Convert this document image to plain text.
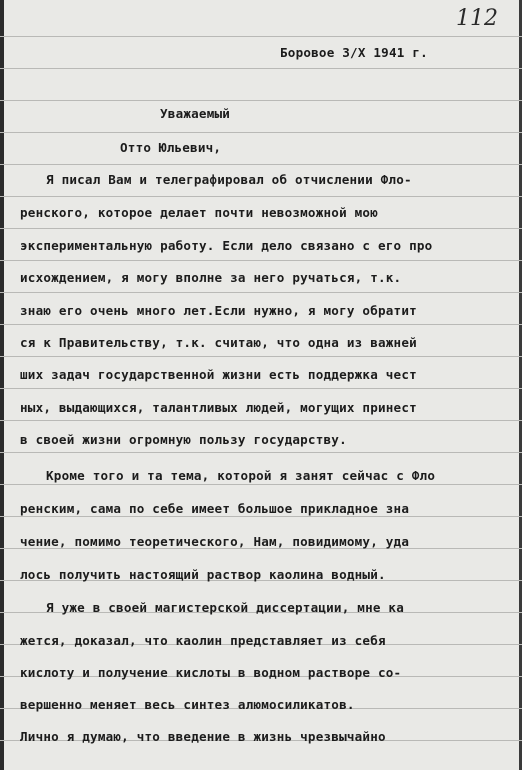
112
Боровое 3/X 1941 г.
Уважаемый
Отто Юльевич,
Я писал Вам и телеграфировал об отчислении Фло-
ренского, которое делает почти невозможной мою
экспериментальную работу. Если дело связано с его про
исхождением, я могу вполне за него ручаться, т.к.
знаю его очень много лет.Если нужно, я могу обратит
ся к Правительству, т.к. считаю, что одна из важней
ших задач государственной жизни есть поддержка чест
ных, выдающихся, талантливых людей, могущих принест
в своей жизни огромную пользу государству.
Кроме того и та тема, которой я занят сейчас с Фло
ренским, сама по себе имеет большое прикладное зна
чение, помимо теоретического, Нам, повидимому, уда
лось получить настоящий раствор каолина водный.
Я уже в своей магистерской диссертации, мне ка
жется, доказал, что каолин представляет из себя
кислоту и получение кислоты в водном растворе со-
вершенно меняет весь синтез алюмосиликатов.
Лично я думаю, что введение в жизнь чрезвычайно
